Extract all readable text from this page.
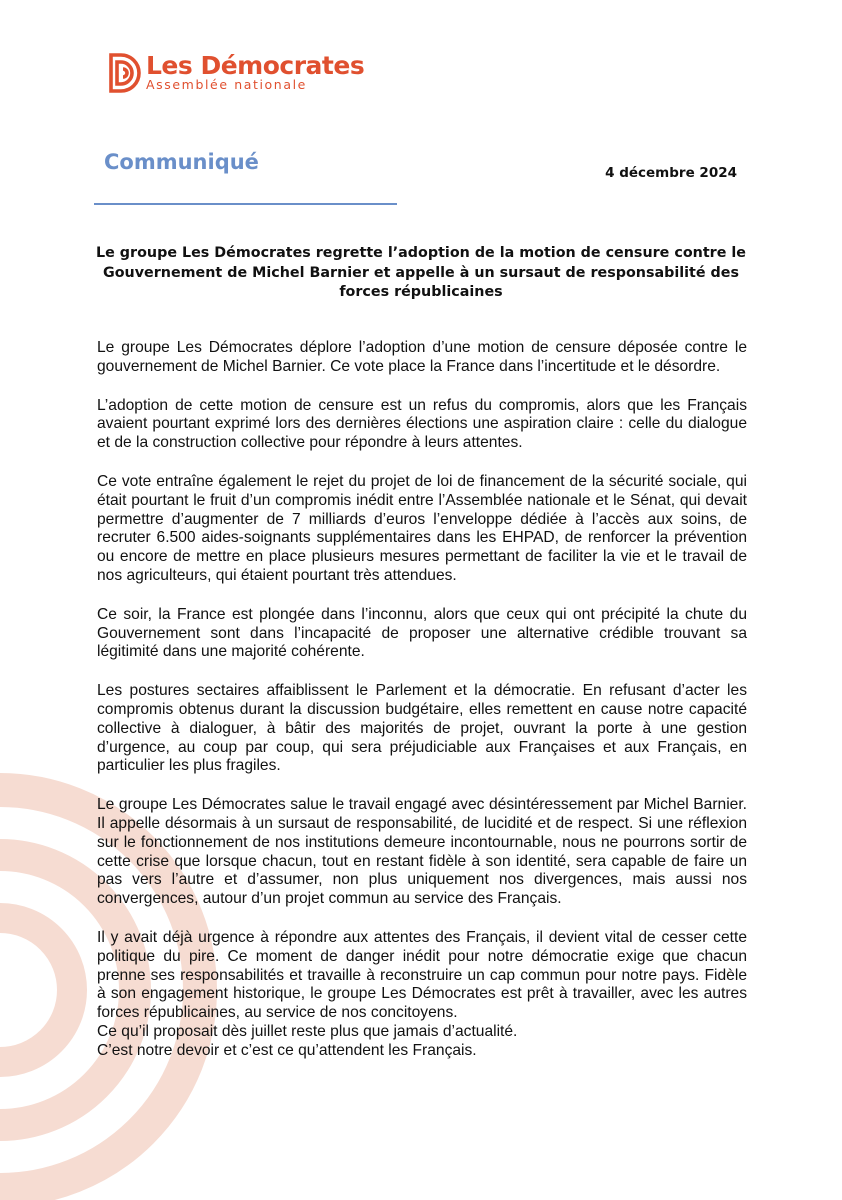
Les Démocrates
Assemblée nationale
Communiqué	4 décembre 2024
Le groupe Les Démocrates regrette l’adoption de la motion de censure contre le Gouvernement de Michel Barnier et appelle à un sursaut de responsabilité des forces républicaines

Le groupe Les Démocrates déplore l’adoption d’une motion de censure déposée contre le gouvernement de Michel Barnier. Ce vote place la France dans l’incertitude et le désordre.

L’adoption de cette motion de censure est un refus du compromis, alors que les Français avaient pourtant exprimé lors des dernières élections une aspiration claire : celle du dialogue et de la construction collective pour répondre à leurs attentes.

Ce vote entraîne également le rejet du projet de loi de financement de la sécurité sociale, qui était pourtant le fruit d’un compromis inédit entre l’Assemblée nationale et le Sénat, qui devait permettre d’augmenter de 7 milliards d’euros l’enveloppe dédiée à l’accès aux soins, de recruter 6.500 aides-soignants supplémentaires dans les EHPAD, de renforcer la prévention ou encore de mettre en place plusieurs mesures permettant de faciliter la vie et le travail de nos agriculteurs, qui étaient pourtant très attendues.

Ce soir, la France est plongée dans l’inconnu, alors que ceux qui ont précipité la chute du Gouvernement sont dans l’incapacité de proposer une alternative crédible trouvant sa légitimité dans une majorité cohérente.

Les postures sectaires affaiblissent le Parlement et la démocratie. En refusant d’acter les compromis obtenus durant la discussion budgétaire, elles remettent en cause notre capacité collective à dialoguer, à bâtir des majorités de projet, ouvrant la porte à une gestion d’urgence, au coup par coup, qui sera préjudiciable aux Françaises et aux Français, en particulier les plus fragiles.

Le groupe Les Démocrates salue le travail engagé avec désintéressement par Michel Barnier. Il appelle désormais à un sursaut de responsabilité, de lucidité et de respect. Si une réflexion sur le fonctionnement de nos institutions demeure incontournable, nous ne pourrons sortir de cette crise que lorsque chacun, tout en restant fidèle à son identité, sera capable de faire un pas vers l’autre et d’assumer, non plus uniquement nos divergences, mais aussi nos convergences, autour d’un projet commun au service des Français.

Il y avait déjà urgence à répondre aux attentes des Français, il devient vital de cesser cette politique du pire. Ce moment de danger inédit pour notre démocratie exige que chacun prenne ses responsabilités et travaille à reconstruire un cap commun pour notre pays. Fidèle à son engagement historique, le groupe Les Démocrates est prêt à travailler, avec les autres forces républicaines, au service de nos concitoyens.

Ce qu’il proposait dès juillet reste plus que jamais d’actualité.

C’est notre devoir et c’est ce qu’attendent les Français.
